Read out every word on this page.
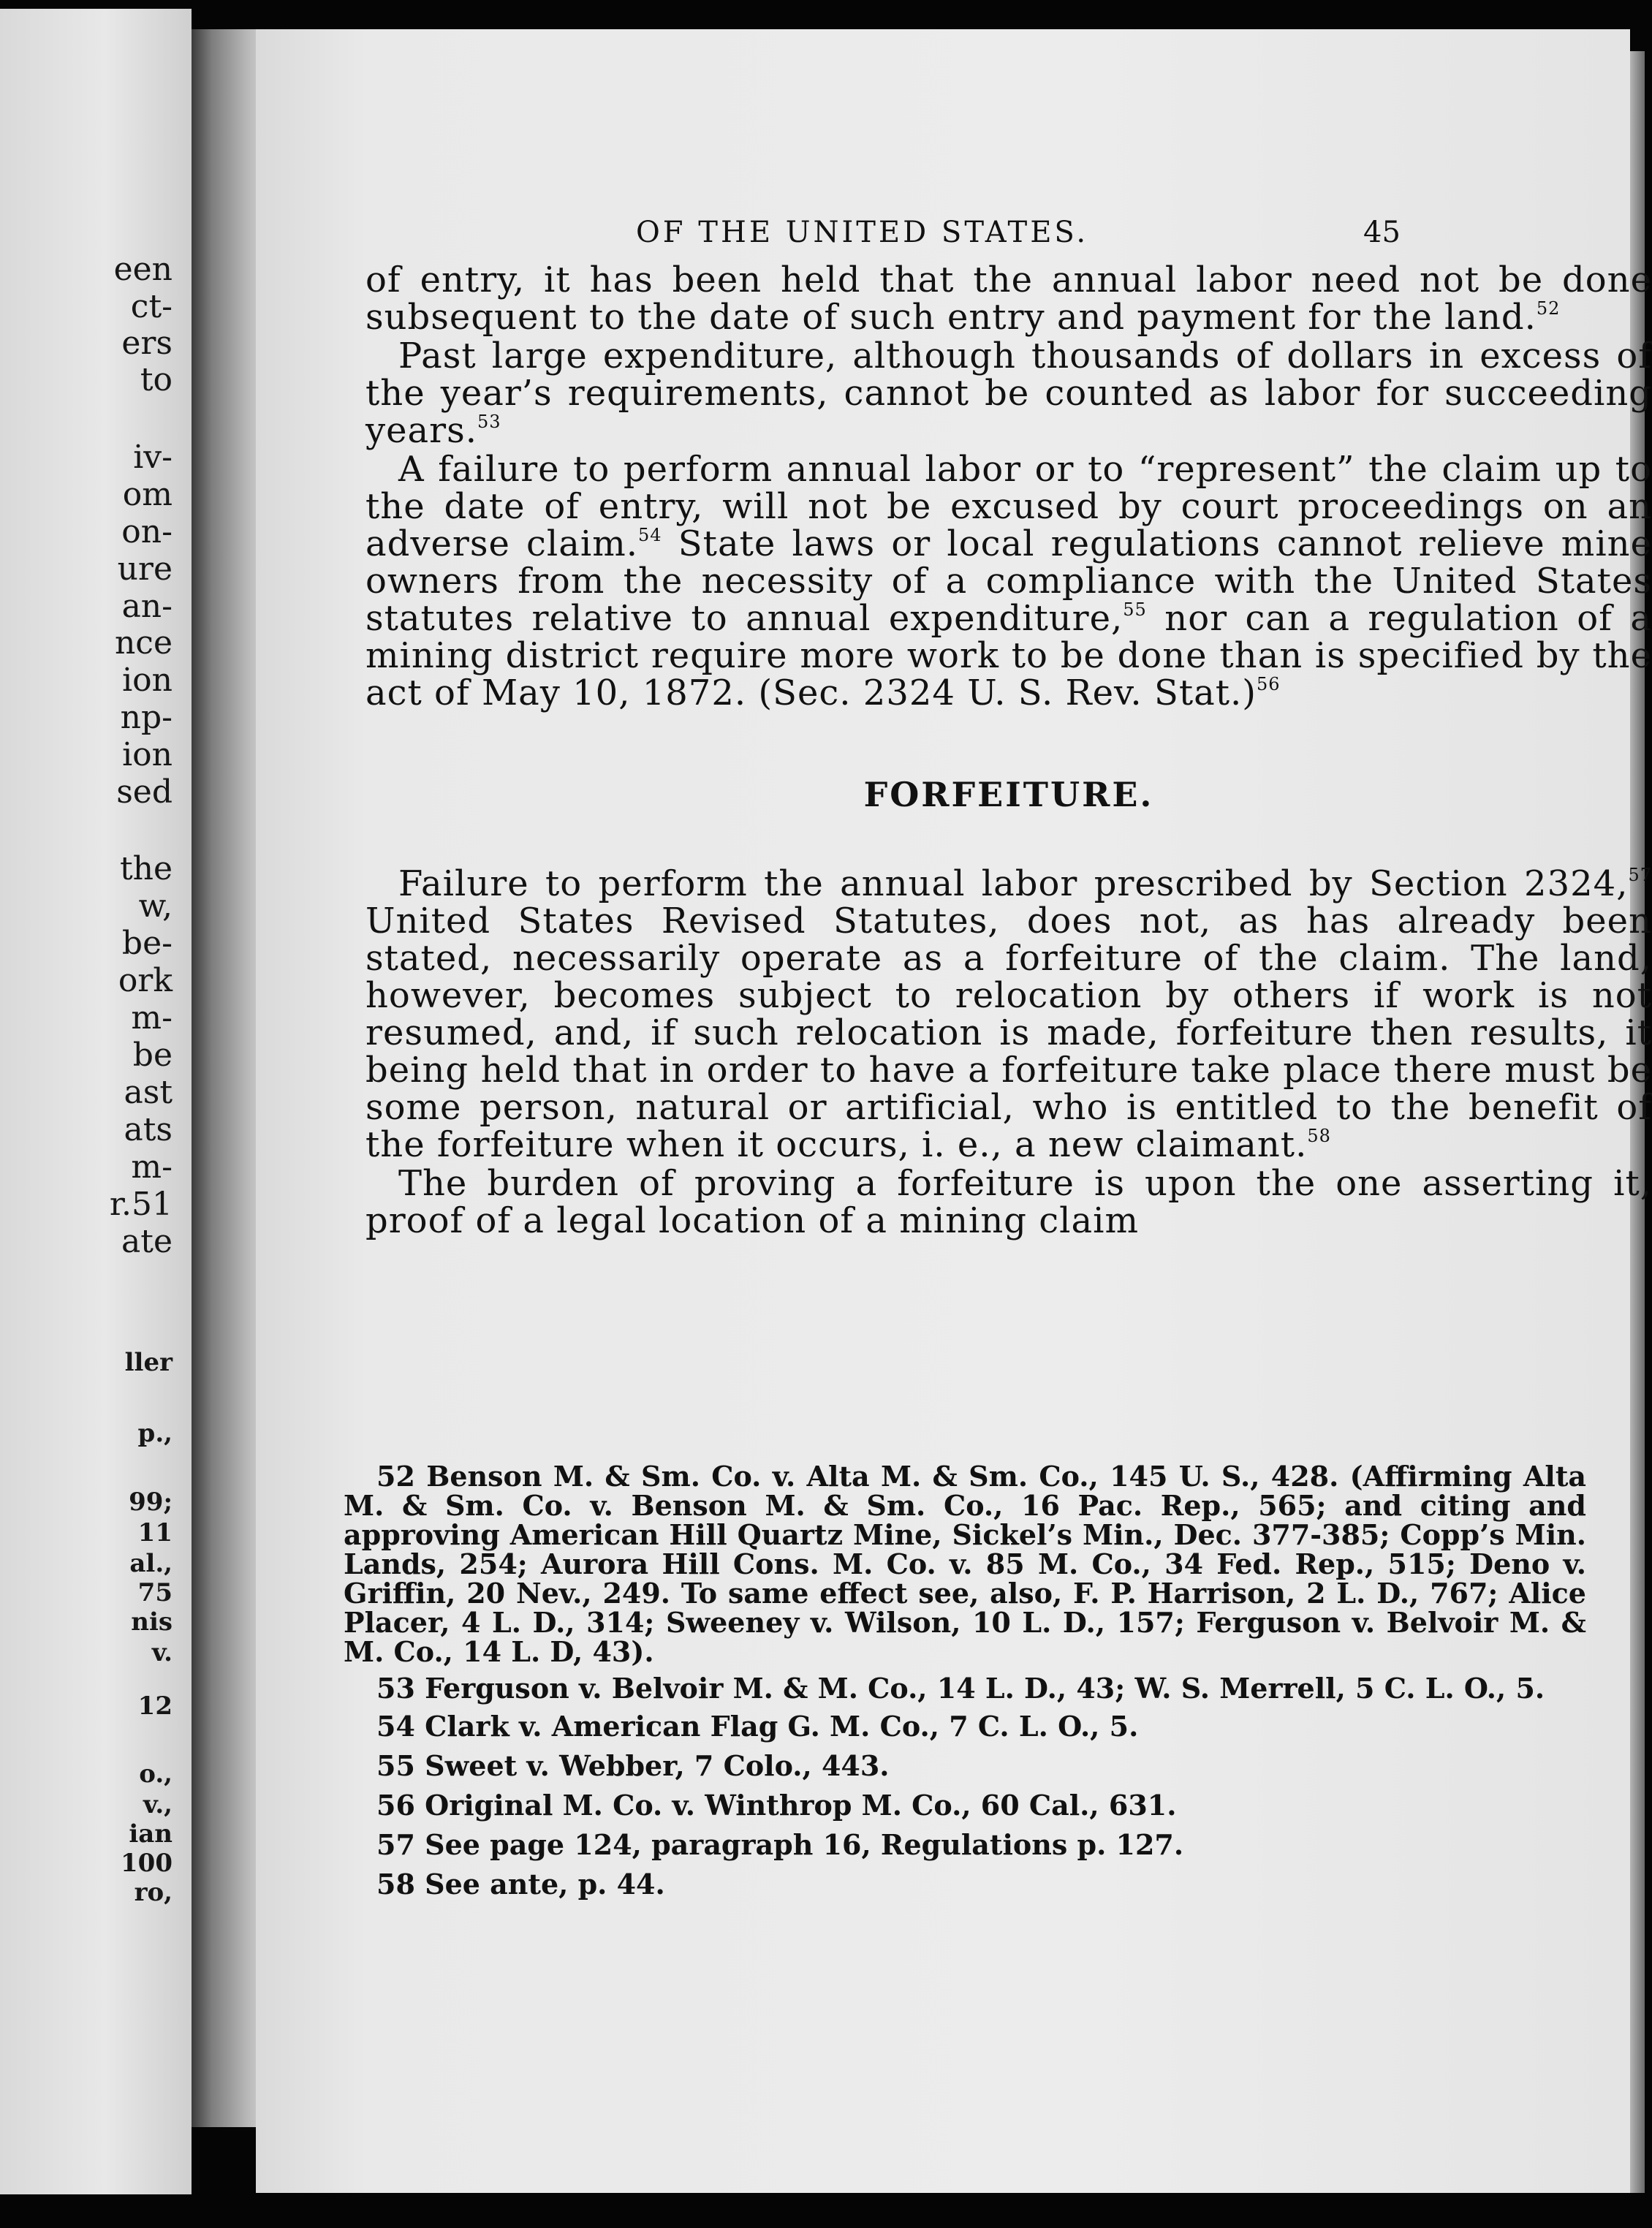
een
ct-
ers
to
iv-
om
on-
ure
an-
nce
ion
np-
ion
sed
the
w,
be-
ork
m-
be
ast
ats
m-
r.51
ate
ller
p.,
99;
11
al.,
75
nis
v.
12
o.,
v.,
ian
100
ro,
OF THE UNITED STATES.	45

of entry, it has been held that the annual labor need not be done subsequent to the date of such entry and payment for the land.$^{52}$

Past large expenditure, although thousands of dollars in excess of the year’s requirements, cannot be counted as labor for succeeding years.$^{53}$

A failure to perform annual labor or to “represent” the claim up to the date of entry, will not be excused by court proceedings on an adverse claim.$^{54}$ State laws or local regulations cannot relieve mine owners from the necessity of a compliance with the United States statutes relative to annual expenditure,$^{55}$ nor can a regulation of a mining district require more work to be done than is specified by the act of May 10, 1872. (Sec. 2324 U. S. Rev. Stat.)$^{56}$

FORFEITURE.

Failure to perform the annual labor prescribed by Section 2324,57 United States Revised Statutes, does not, as has already been stated, necessarily operate as a forfeiture of the claim. The land, however, becomes subject to relocation by others if work is not resumed, and, if such relocation is made, forfeiture then results, it being held that in order to have a forfeiture take place there must be some person, natural or artificial, who is entitled to the benefit of the forfeiture when it occurs, i. e., a new claimant.$^{58}$

The burden of proving a forfeiture is upon the one asserting it, proof of a legal location of a mining claim

52 Benson M. & Sm. Co. v. Alta M. & Sm. Co., 145 U. S., 428. (Affirming Alta M. & Sm. Co. v. Benson M. & Sm. Co., 16 Pac. Rep., 565; and citing and approving American Hill Quartz Mine, Sickel’s Min., Dec. 377-385; Copp’s Min. Lands, 254; Aurora Hill Cons. M. Co. v. 85 M. Co., 34 Fed. Rep., 515; Deno v. Griffin, 20 Nev., 249. To same effect see, also, F. P. Harrison, 2 L. D., 767; Alice Placer, 4 L. D., 314; Sweeney v. Wilson, 10 L. D., 157; Ferguson v. Belvoir M. & M. Co., 14 L. D, 43).

53 Ferguson v. Belvoir M. & M. Co., 14 L. D., 43; W. S. Merrell, 5 C. L. O., 5.

54 Clark v. American Flag G. M. Co., 7 C. L. O., 5.

55 Sweet v. Webber, 7 Colo., 443.

56 Original M. Co. v. Winthrop M. Co., 60 Cal., 631.

57 See page 124, paragraph 16, Regulations p. 127.

58 See ante, p. 44.
